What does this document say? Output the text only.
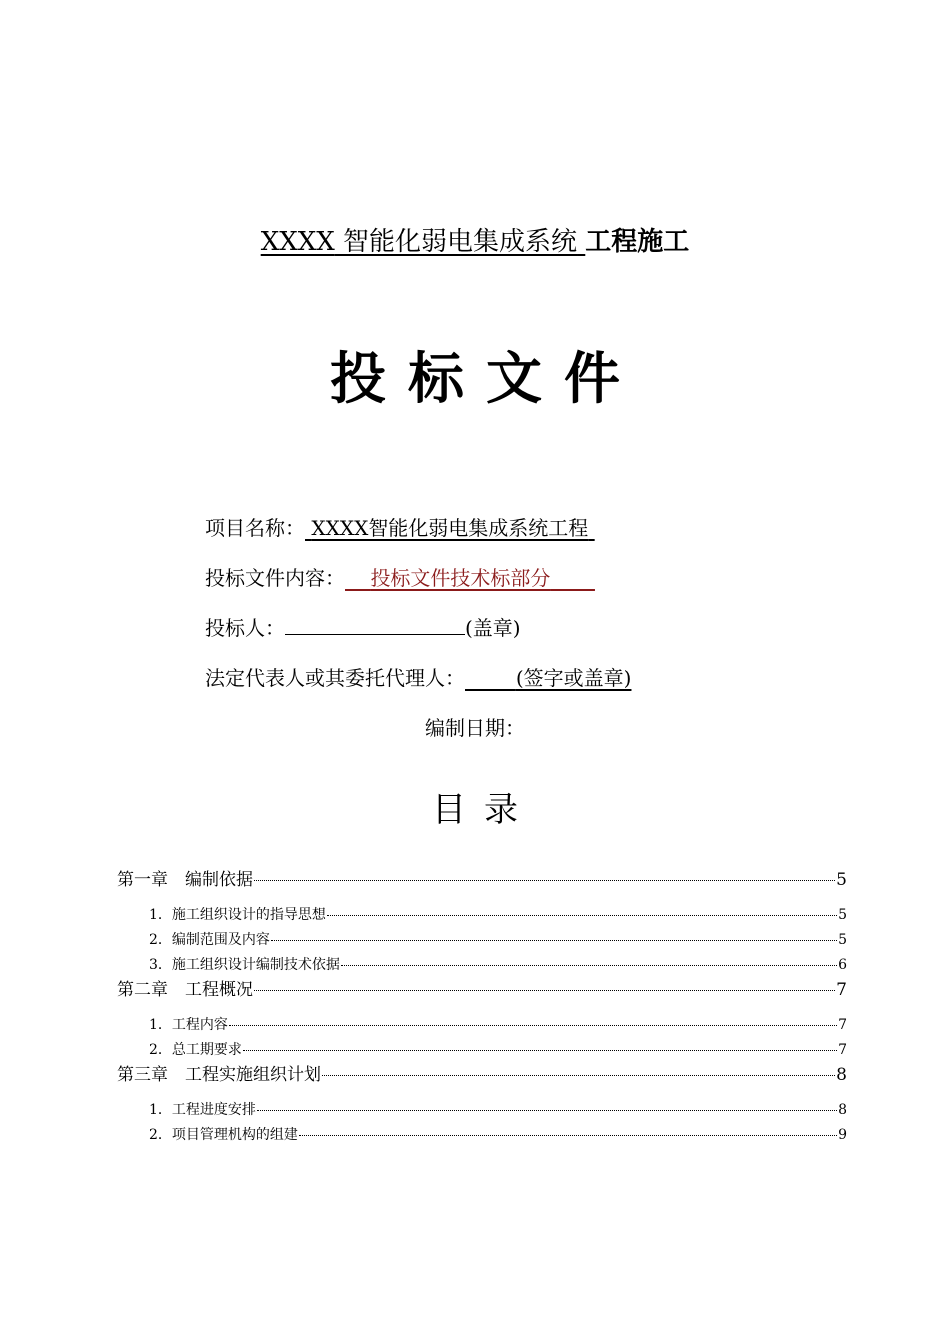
XXXX 智能化弱电集成系统 工程施工
投标文件
项目名称： XXXX智能化弱电集成系统工程
投标文件内容： 投标文件技术标部分
投标人：	(盖章)
法定代表人或其委托代理人：	(签字或盖章)
编制日期：
目录
第一章　编制依据	5
1．施工组织设计的指导思想	5
2．编制范围及内容	5
3．施工组织设计编制技术依据	6
第二章　工程概况	7
1．工程内容	7
2．总工期要求	7
第三章　工程实施组织计划	8
1．工程进度安排	8
2．项目管理机构的组建	9
